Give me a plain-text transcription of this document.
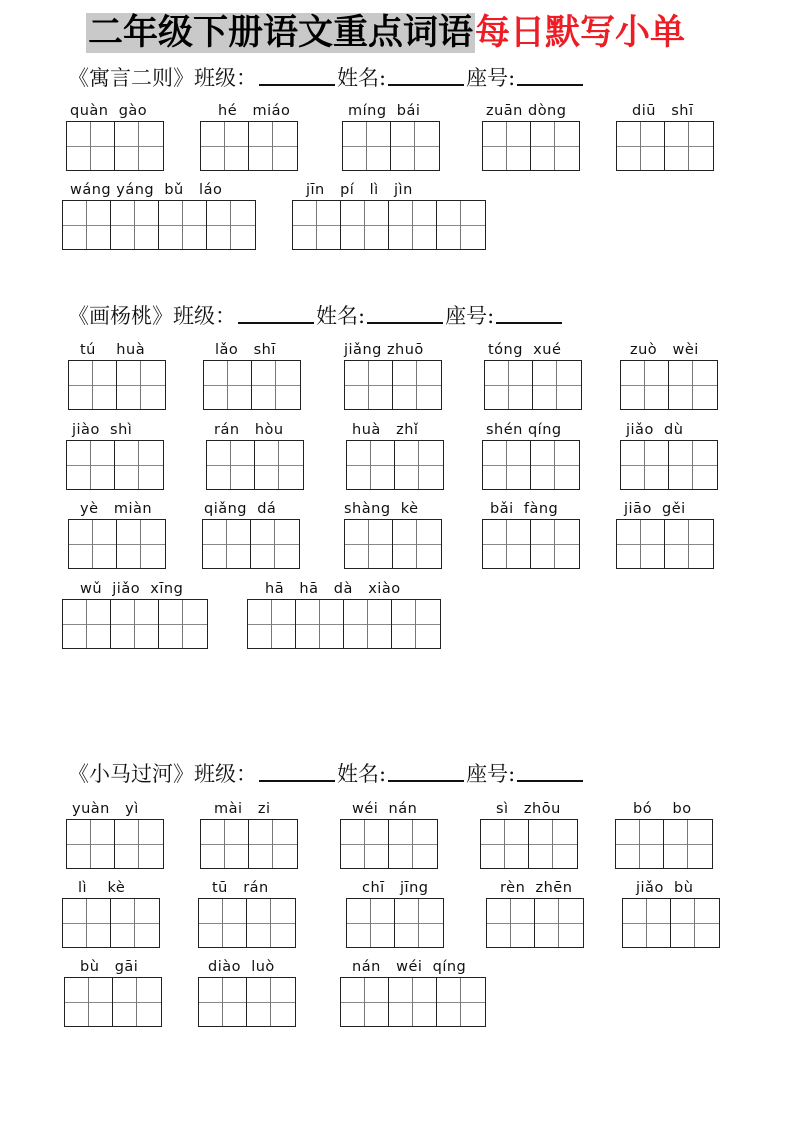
二年级下册语文重点词语每日默写小单
《寓言二则》班级：	姓名:	座号:
quàn  gào	hé   miáo	míng  bái	zuān dòng	diū   shī
wáng yáng  bǔ   láo	jīn   pí   lì   jìn
《画杨桃》班级：	姓名:	座号:
tú    huà	lǎo   shī	jiǎng zhuō	tóng  xué	zuò   wèi
jiào  shì	rán   hòu	huà   zhǐ	shén qíng	jiǎo  dù
yè   miàn	qiǎng  dá	shàng  kè	bǎi  fàng	jiāo  gěi
wǔ  jiǎo  xīng	hā   hā   dà   xiào
《小马过河》班级：	姓名:	座号:
yuàn   yì	mài   zi	wéi  nán	sì   zhōu	bó    bo
lì    kè	tū   rán	chī   jīng	rèn  zhēn	jiǎo  bù
bù   gāi	diào  luò	nán   wéi  qíng
